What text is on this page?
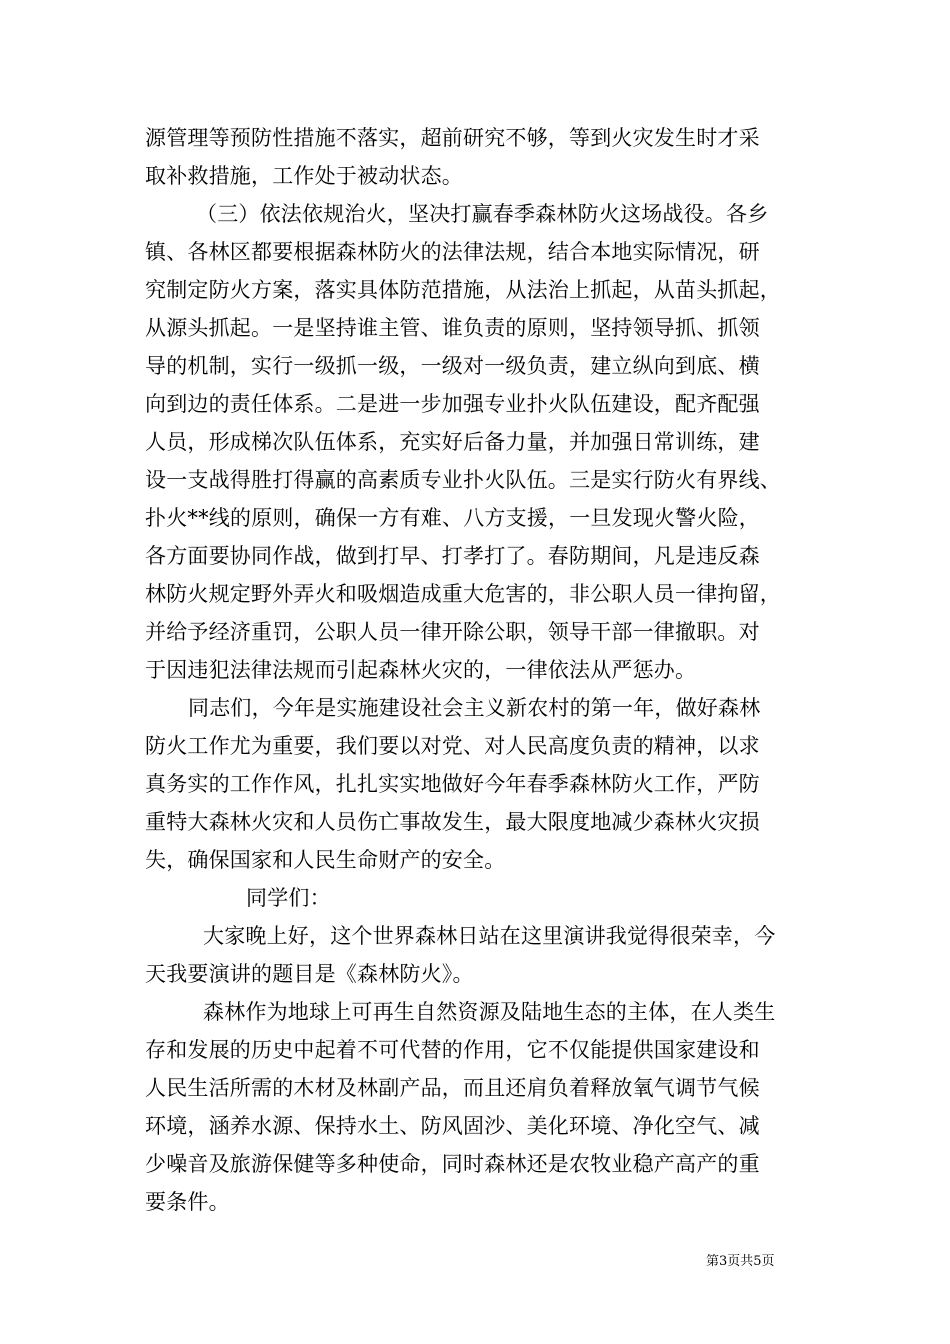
源管理等预防性措施不落实，超前研究不够，等到火灾发生时才采
取补救措施，工作处于被动状态。
（三）依法依规治火，坚决打赢春季森林防火这场战役。各乡
镇、各林区都要根据森林防火的法律法规，结合本地实际情况，研
究制定防火方案，落实具体防范措施，从法治上抓起，从苗头抓起，
从源头抓起。一是坚持谁主管、谁负责的原则，坚持领导抓、抓领
导的机制，实行一级抓一级，一级对一级负责，建立纵向到底、横
向到边的责任体系。二是进一步加强专业扑火队伍建设，配齐配强
人员，形成梯次队伍体系，充实好后备力量，并加强日常训练，建
设一支战得胜打得赢的高素质专业扑火队伍。三是实行防火有界线、
扑火**线的原则，确保一方有难、八方支援，一旦发现火警火险，
各方面要协同作战，做到打早、打孝打了。春防期间，凡是违反森
林防火规定野外弄火和吸烟造成重大危害的，非公职人员一律拘留，
并给予经济重罚，公职人员一律开除公职，领导干部一律撤职。对
于因违犯法律法规而引起森林火灾的，一律依法从严惩办。
同志们，今年是实施建设社会主义新农村的第一年，做好森林
防火工作尤为重要，我们要以对党、对人民高度负责的精神，以求
真务实的工作作风，扎扎实实地做好今年春季森林防火工作，严防
重特大森林火灾和人员伤亡事故发生，最大限度地减少森林火灾损
失，确保国家和人民生命财产的安全。
同学们：
大家晚上好，这个世界森林日站在这里演讲我觉得很荣幸，今
天我要演讲的题目是《森林防火》。
森林作为地球上可再生自然资源及陆地生态的主体，在人类生
存和发展的历史中起着不可代替的作用，它不仅能提供国家建设和
人民生活所需的木材及林副产品，而且还肩负着释放氧气调节气候
环境，涵养水源、保持水土、防风固沙、美化环境、净化空气、减
少噪音及旅游保健等多种使命，同时森林还是农牧业稳产高产的重
要条件。
第3页共5页
